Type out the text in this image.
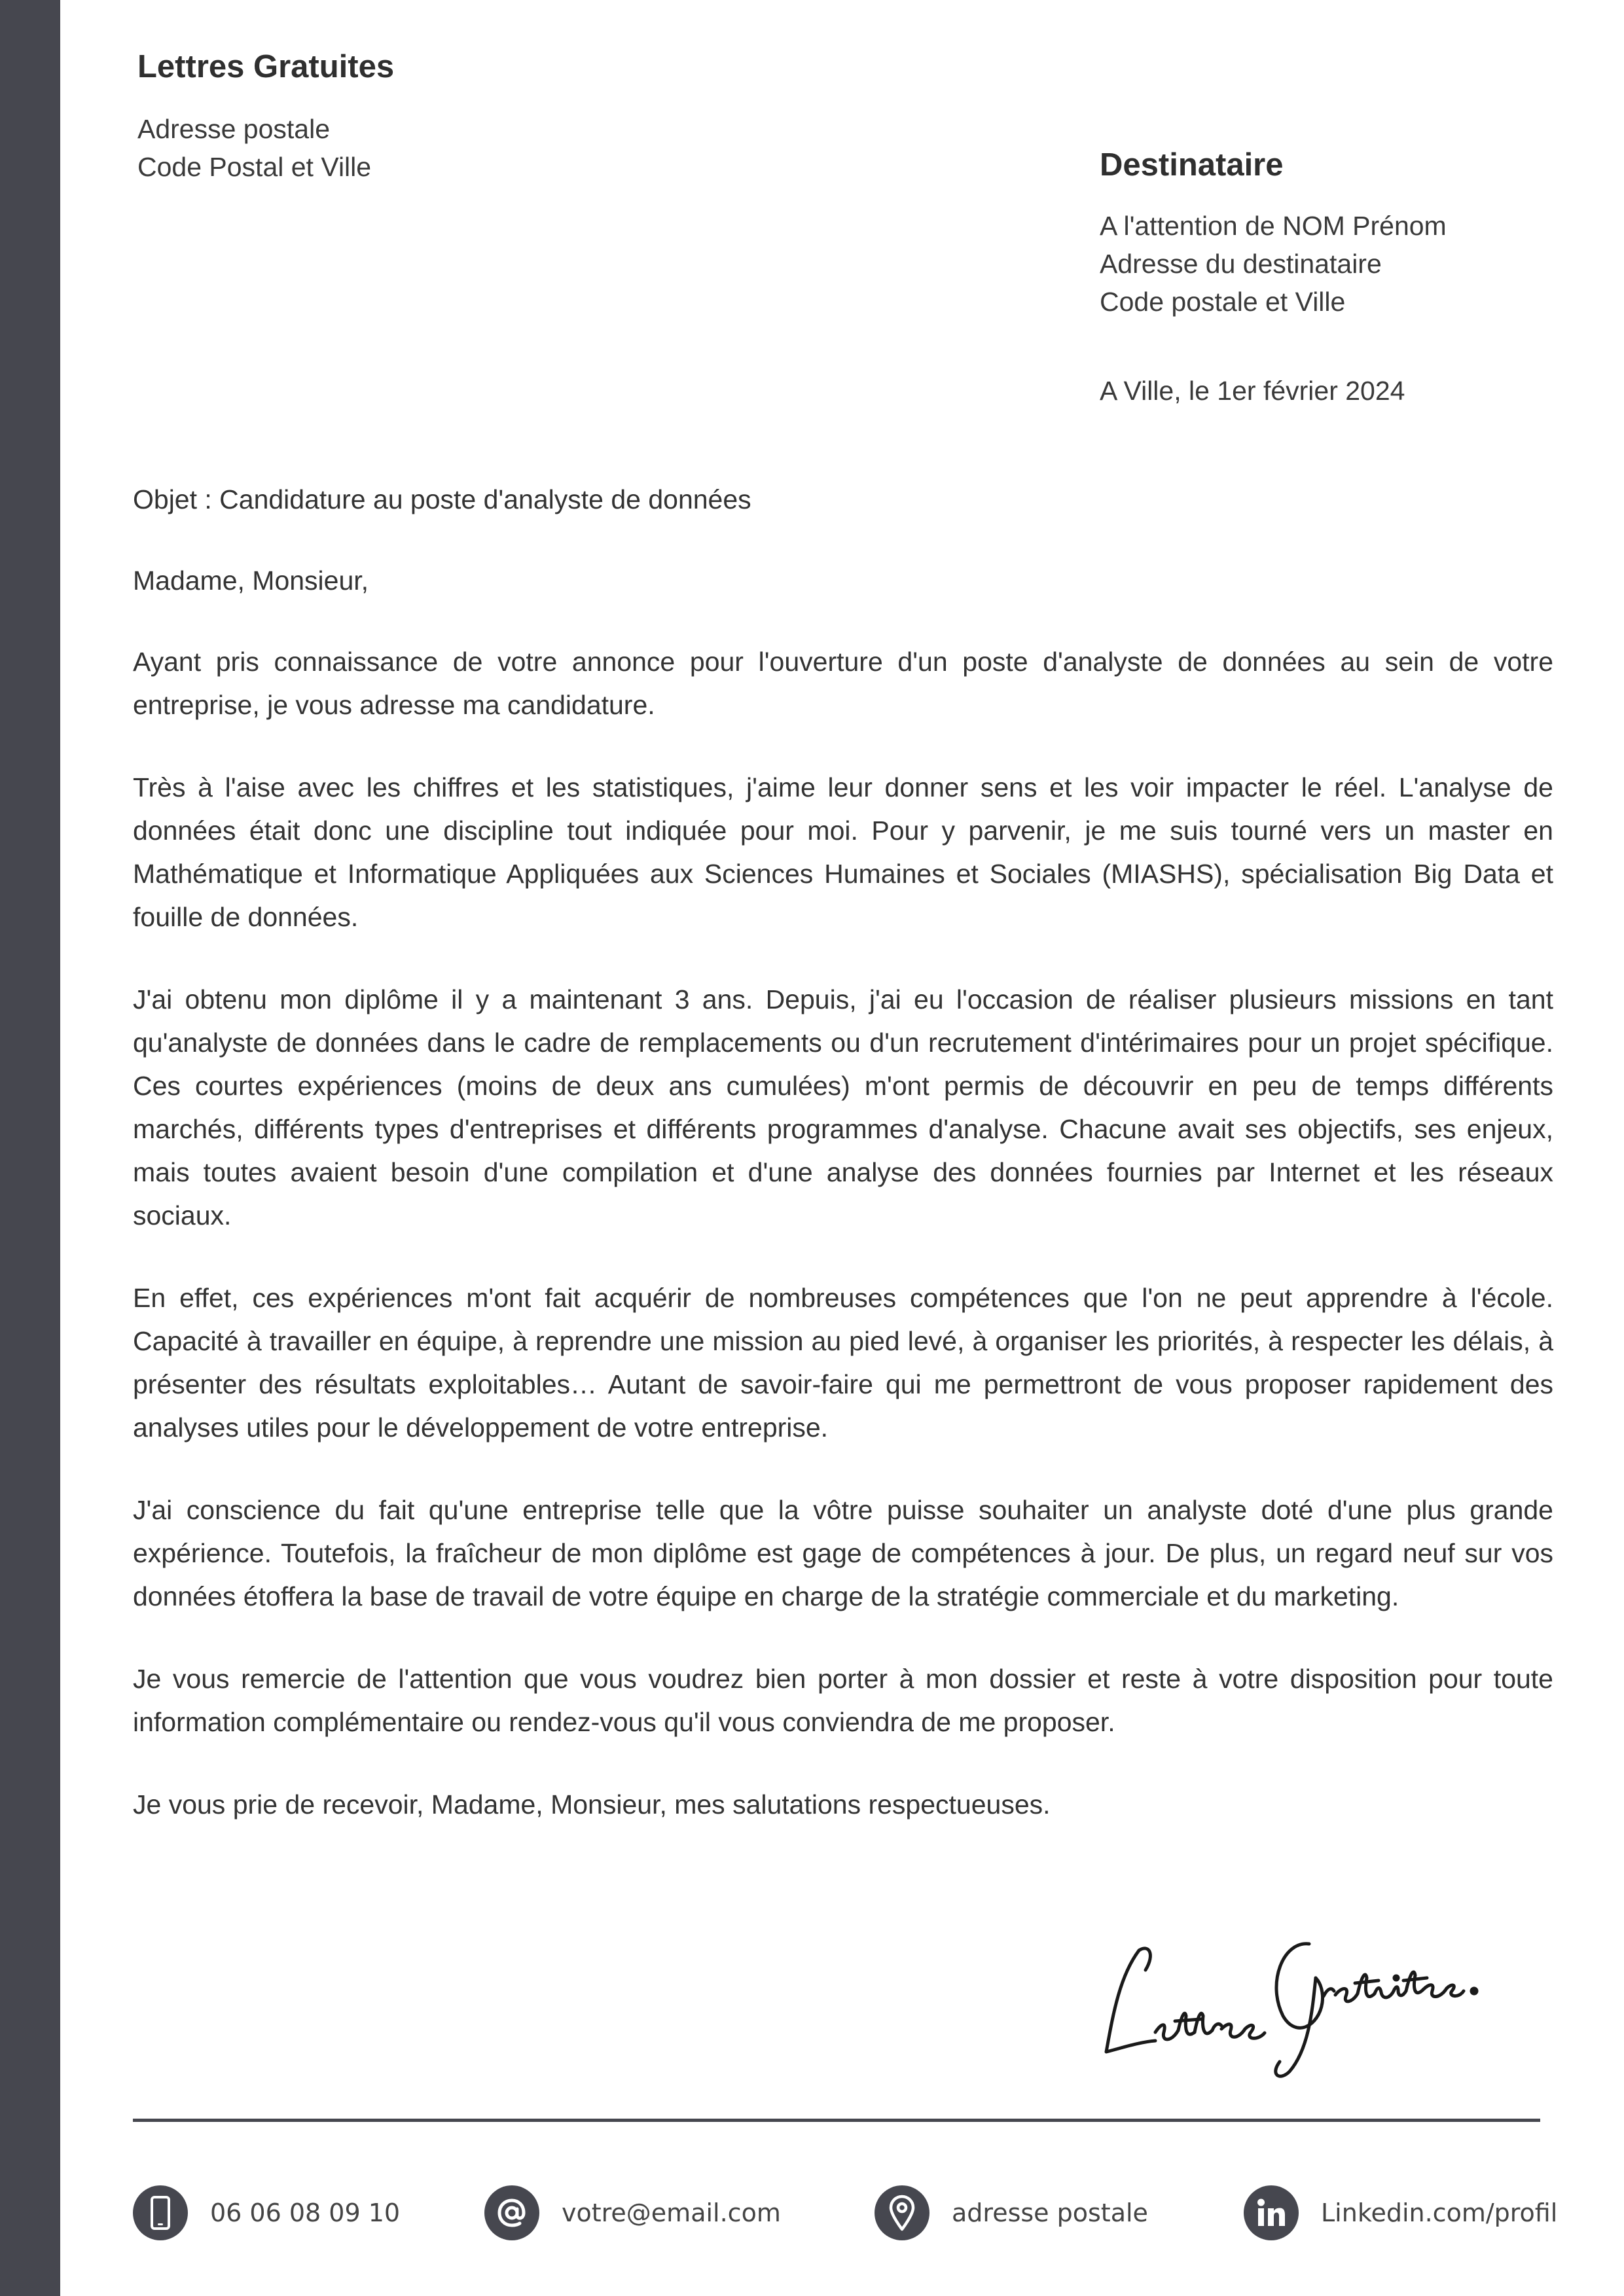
Lettres Gratuites
Adresse postale
Code Postal et Ville	Destinataire
A l'attention de NOM Prénom
Adresse du destinataire
Code postale et Ville
A Ville, le 1er février 2024

Objet : Candidature au poste d'analyste de données

Madame, Monsieur,

Ayant pris connaissance de votre annonce pour l'ouverture d'un poste d'analyste de données au sein de votre entreprise, je vous adresse ma candidature.

Très à l'aise avec les chiffres et les statistiques, j'aime leur donner sens et les voir impacter le réel. L'analyse de données était donc une discipline tout indiquée pour moi. Pour y parvenir, je me suis tourné vers un master en Mathématique et Informatique Appliquées aux Sciences Humaines et Sociales (MIASHS), spécialisation Big Data et fouille de données.

J'ai obtenu mon diplôme il y a maintenant 3 ans. Depuis, j'ai eu l'occasion de réaliser plusieurs missions en tant qu'analyste de données dans le cadre de remplacements ou d'un recrutement d'intérimaires pour un projet spécifique. Ces courtes expériences (moins de deux ans cumulées) m'ont permis de découvrir en peu de temps différents marchés, différents types d'entreprises et différents programmes d'analyse. Chacune avait ses objectifs, ses enjeux, mais toutes avaient besoin d'une compilation et d'une analyse des données fournies par Internet et les réseaux sociaux.

En effet, ces expériences m'ont fait acquérir de nombreuses compétences que l'on ne peut apprendre à l'école. Capacité à travailler en équipe, à reprendre une mission au pied levé, à organiser les priorités, à respecter les délais, à présenter des résultats exploitables… Autant de savoir-faire qui me permettront de vous proposer rapidement des analyses utiles pour le développement de votre entreprise.

J'ai conscience du fait qu'une entreprise telle que la vôtre puisse souhaiter un analyste doté d'une plus grande expérience. Toutefois, la fraîcheur de mon diplôme est gage de compétences à jour. De plus, un regard neuf sur vos données étoffera la base de travail de votre équipe en charge de la stratégie commerciale et du marketing.

Je vous remercie de l'attention que vous voudrez bien porter à mon dossier et reste à votre disposition pour toute information complémentaire ou rendez-vous qu'il vous conviendra de me proposer.

Je vous prie de recevoir, Madame, Monsieur, mes salutations respectueuses.

06 06 08 09 10	votre@email.com	adresse postale	Linkedin.com/profil
